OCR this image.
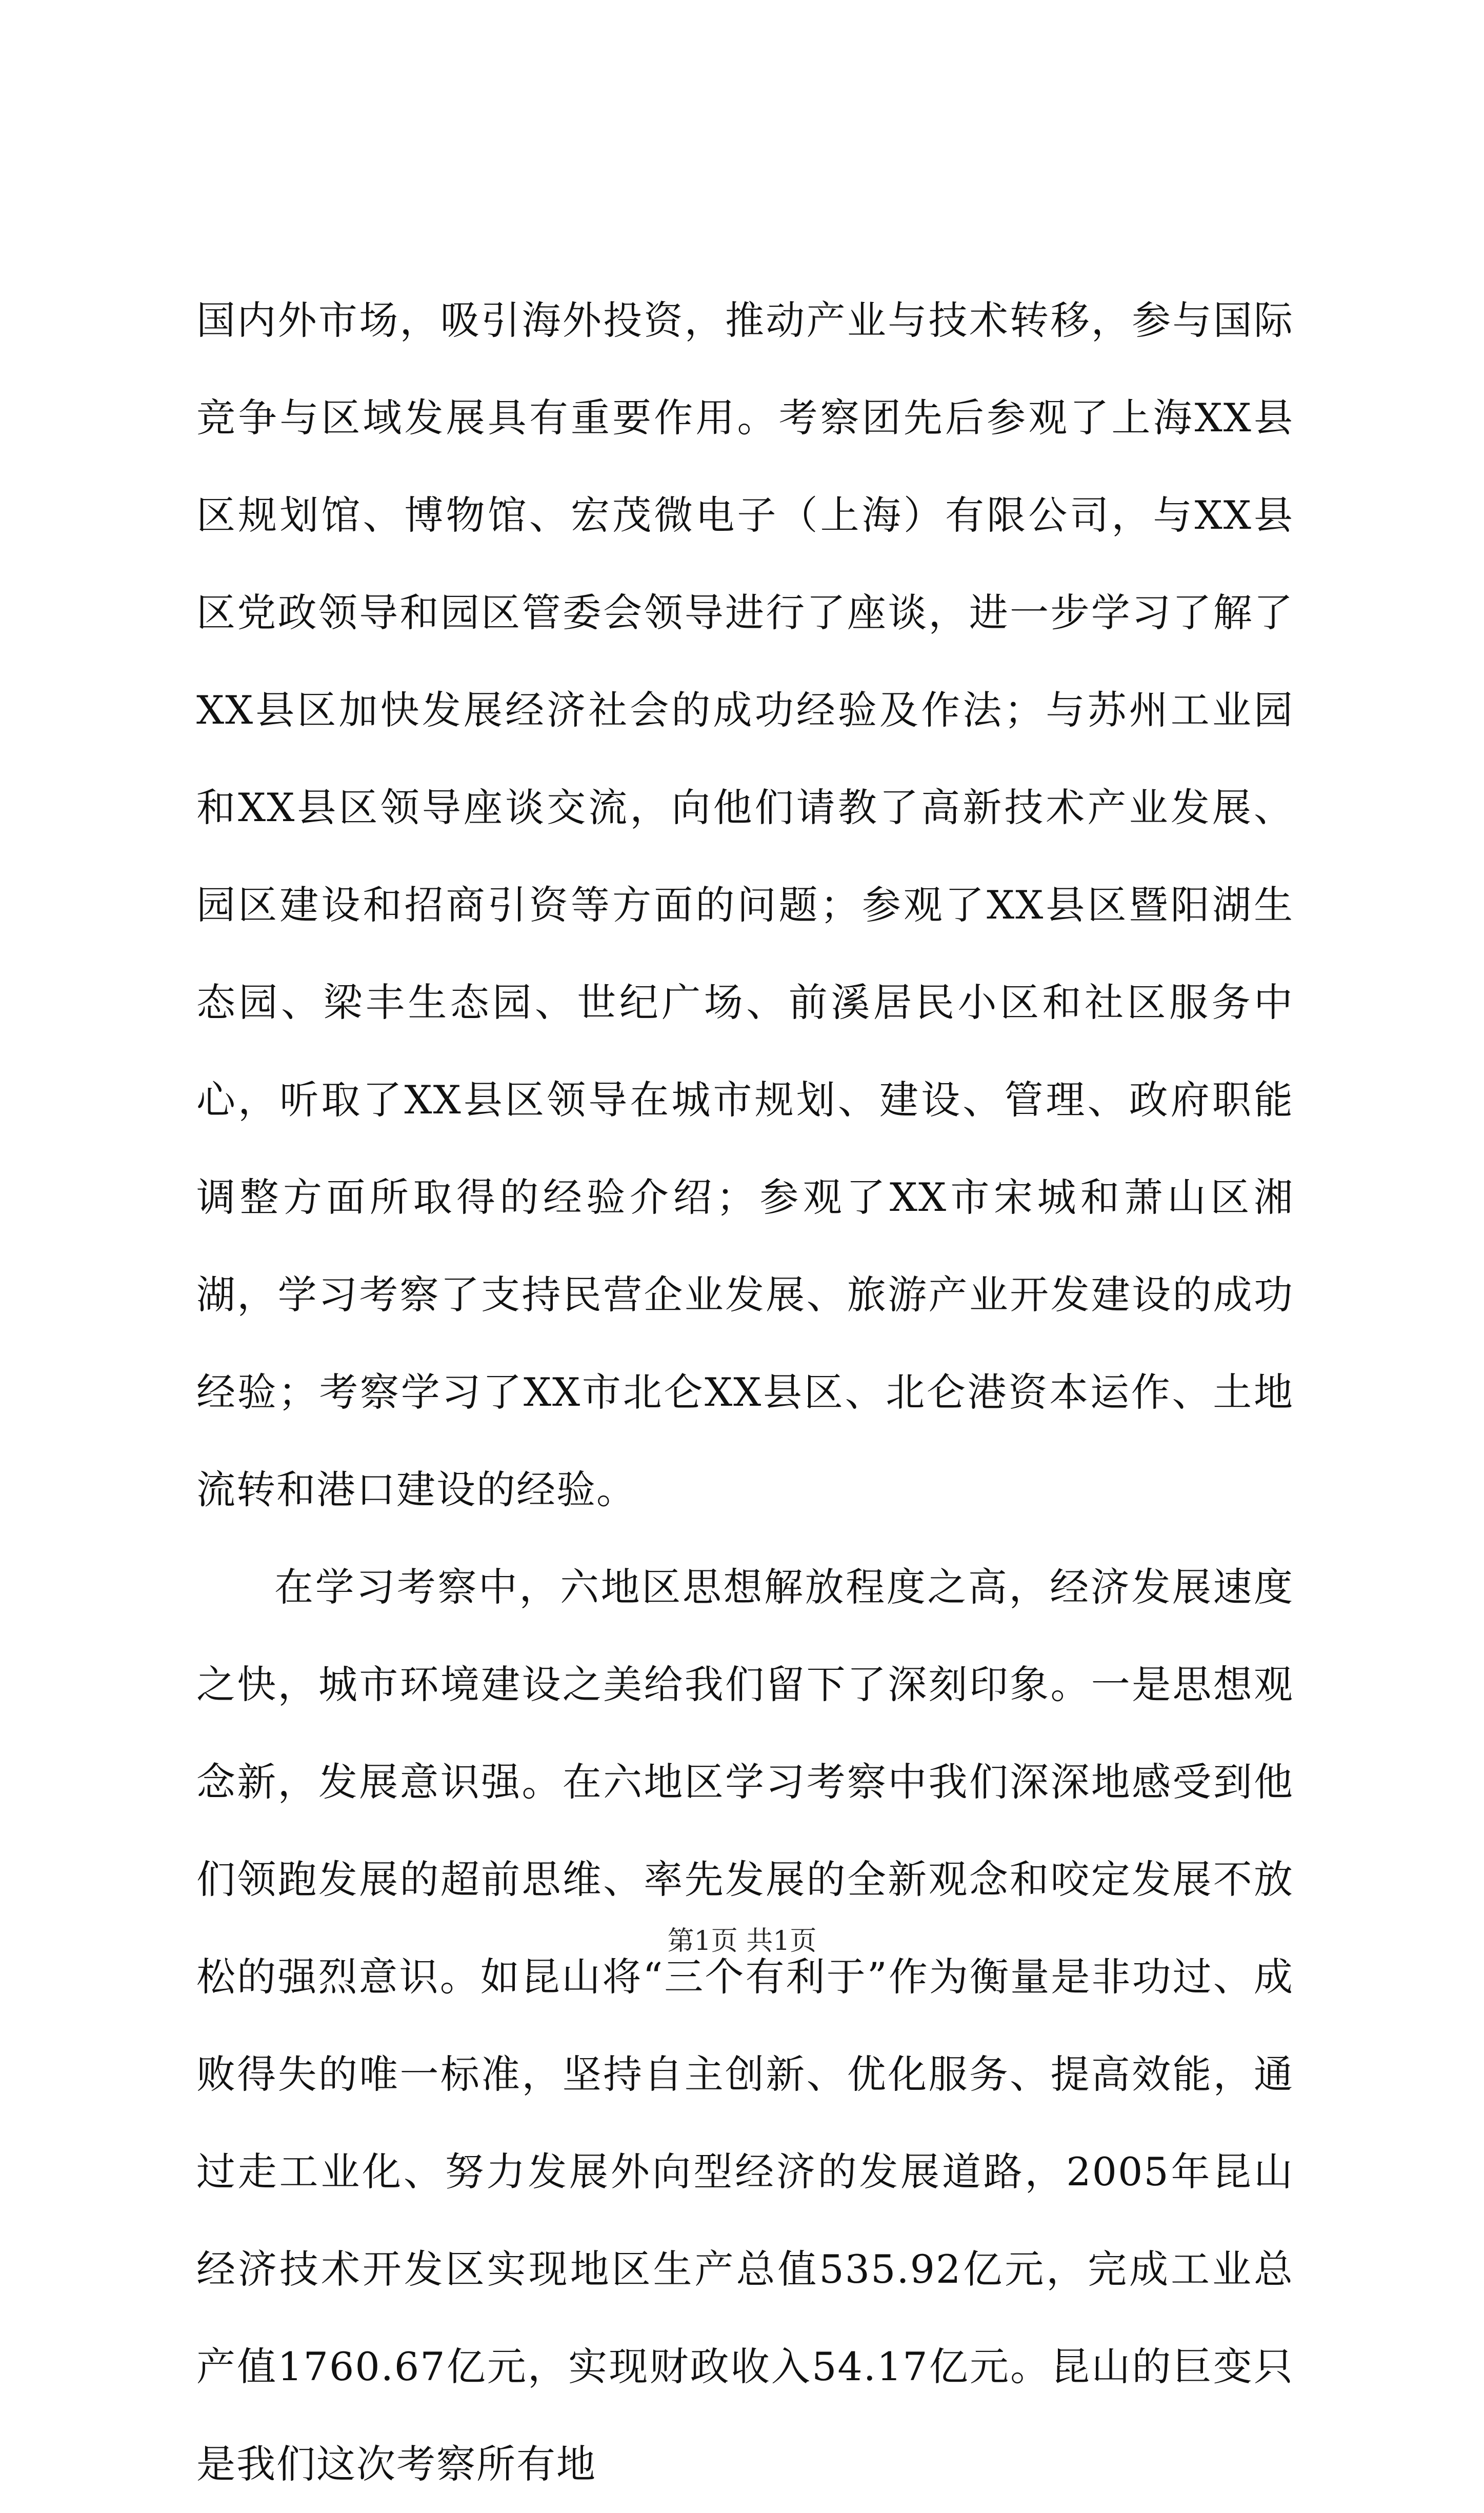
国内外市场，吸引海外投资，推动产业与技术转移，参与国际竞争与区域发展具有重要作用。考察团先后参观了上海XX县区规划馆、博物馆、宏茂微电子（上海）有限公司，与XX县区党政领导和园区管委会领导进行了座谈，进一步学习了解了XX县区加快发展经济社会的成功经验及作法；与苏州工业园和XX县区领导座谈交流，向他们请教了高新技术产业发展、园区建设和招商引资等方面的问题；参观了XX县区暨阳湖生态园、梁丰生态园、世纪广场、前溪居民小区和社区服务中心，听取了XX县区领导在城市规划、建设、管理、政府职能调整方面所取得的经验介绍；参观了XX市宋城和萧山区湘湖，学习考察了支持民营企业发展、旅游产业开发建设的成功经验；考察学习了XX市北仑XX县区、北仑港资本运作、土地流转和港口建设的经验。

在学习考察中，六地区思想解放程度之高，经济发展速度之快，城市环境建设之美给我们留下了深刻印象。一是思想观念新，发展意识强。在六地区学习考察中我们深深地感受到他们领跑发展的超前思维、率先发展的全新观念和咬定发展不放松的强烈意识。如昆山将“三个有利于”作为衡量是非功过、成败得失的唯一标准，坚持自主创新、优化服务、提高效能，通过走工业化、努力发展外向型经济的发展道路，2005年昆山经济技术开发区实现地区生产总值535.92亿元，完成工业总产值1760.67亿元，实现财政收入54.17亿元。昆山的巨变只是我们这次考察所有地

第1页 共1页
